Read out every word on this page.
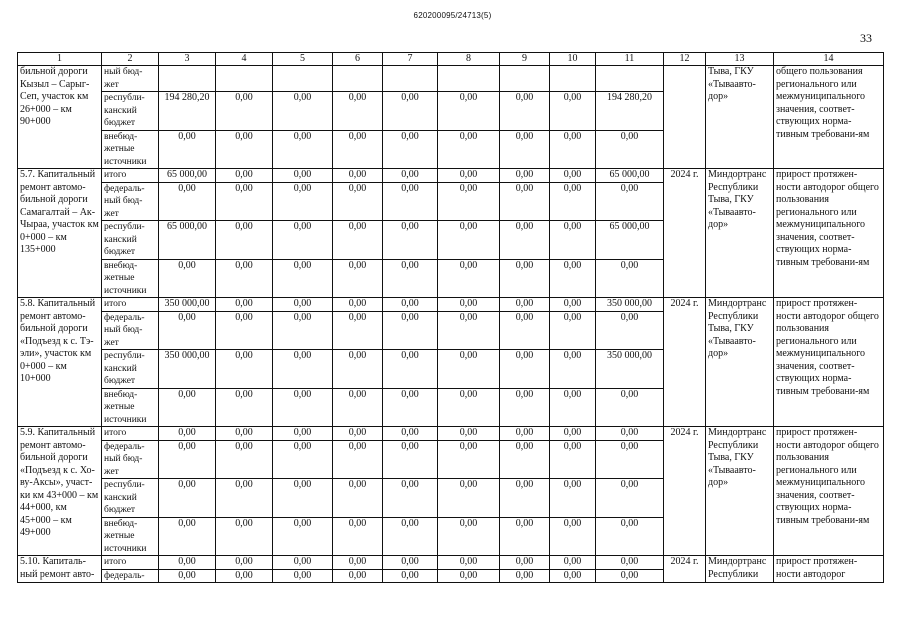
620200095/24713(5)
33
1	2	3	4	5	6	7	8	9	10	11	12	13	14
бильной дороги Кызыл – Сарыг-Сеп, участок км 26+000 – км 90+000	ный бюд-жет											Тыва, ГКУ «Тываавто-дор»	общего пользования регионального или межмуниципального значения, соответ-ствующих норма-тивным требовани-ям
	республи-канский бюджет	194 280,20	0,00	0,00	0,00	0,00	0,00	0,00	0,00	194 280,20			
	внебюд-жетные источники	0,00	0,00	0,00	0,00	0,00	0,00	0,00	0,00	0,00			
5.7. Капитальный ремонт автомо-бильной дороги Самагалтай – Ак-Чыраа, участок км 0+000 – км 135+000	итого	65 000,00	0,00	0,00	0,00	0,00	0,00	0,00	0,00	65 000,00	2024 г.	Миндортранс Республики Тыва, ГКУ «Тываавто-дор»	прирост протяжен-ности автодорог общего пользования регионального или межмуниципального значения, соответ-ствующих норма-тивным требовани-ям
	федераль-ный бюд-жет	0,00	0,00	0,00	0,00	0,00	0,00	0,00	0,00	0,00			
	республи-канский бюджет	65 000,00	0,00	0,00	0,00	0,00	0,00	0,00	0,00	65 000,00			
	внебюд-жетные источники	0,00	0,00	0,00	0,00	0,00	0,00	0,00	0,00	0,00			
5.8. Капитальный ремонт автомо-бильной дороги «Подъезд к с. Тэ-эли», участок км 0+000 – км 10+000	итого	350 000,00	0,00	0,00	0,00	0,00	0,00	0,00	0,00	350 000,00	2024 г.	Миндортранс Республики Тыва, ГКУ «Тываавто-дор»	прирост протяжен-ности автодорог общего пользования регионального или межмуниципального значения, соответ-ствующих норма-тивным требовани-ям
	федераль-ный бюд-жет	0,00	0,00	0,00	0,00	0,00	0,00	0,00	0,00	0,00			
	республи-канский бюджет	350 000,00	0,00	0,00	0,00	0,00	0,00	0,00	0,00	350 000,00			
	внебюд-жетные источники	0,00	0,00	0,00	0,00	0,00	0,00	0,00	0,00	0,00			
5.9. Капитальный ремонт автомо-бильной дороги «Подъезд к с. Хо-ву-Аксы», участ-ки км 43+000 – км 44+000, км 45+000 – км 49+000	итого	0,00	0,00	0,00	0,00	0,00	0,00	0,00	0,00	0,00	2024 г.	Миндортранс Республики Тыва, ГКУ «Тываавто-дор»	прирост протяжен-ности автодорог общего пользования регионального или межмуниципального значения, соответ-ствующих норма-тивным требовани-ям
	федераль-ный бюд-жет	0,00	0,00	0,00	0,00	0,00	0,00	0,00	0,00	0,00			
	республи-канский бюджет	0,00	0,00	0,00	0,00	0,00	0,00	0,00	0,00	0,00			
	внебюд-жетные источники	0,00	0,00	0,00	0,00	0,00	0,00	0,00	0,00	0,00			
5.10. Капиталь-ный ремонт авто-	итого	0,00	0,00	0,00	0,00	0,00	0,00	0,00	0,00	0,00	2024 г.	Миндортранс Республики	прирост протяжен-ности автодорог
	федераль-	0,00	0,00	0,00	0,00	0,00	0,00	0,00	0,00	0,00			
